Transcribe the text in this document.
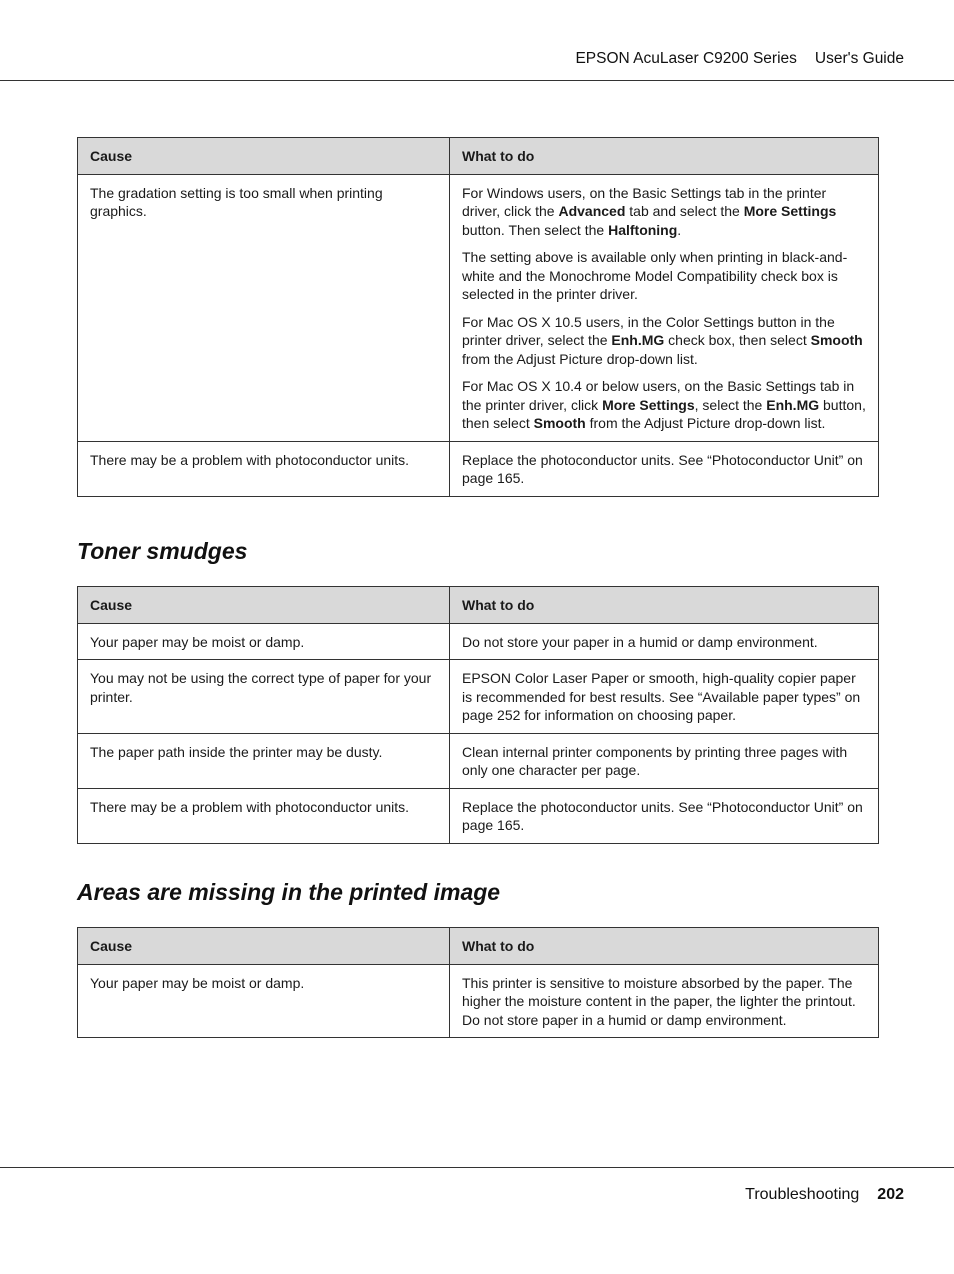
EPSON AcuLaser C9200 Series User's Guide
Cause	What to do
The gradation setting is too small when printing graphics.	For Windows users, on the Basic Settings tab in the printer driver, click the Advanced tab and select the More Settings button. Then select the Halftoning.

The setting above is available only when printing in black-and-white and the Monochrome Model Compatibility check box is selected in the printer driver.

For Mac OS X 10.5 users, in the Color Settings button in the printer driver, select the Enh.MG check box, then select Smooth from the Adjust Picture drop-down list.

For Mac OS X 10.4 or below users, on the Basic Settings tab in the printer driver, click More Settings, select the Enh.MG button, then select Smooth from the Adjust Picture drop-down list.

There may be a problem with photoconductor units.	Replace the photoconductor units. See “Photoconductor Unit” on page 165.
Toner smudges
Cause	What to do
Your paper may be moist or damp.	Do not store your paper in a humid or damp environment.
You may not be using the correct type of paper for your printer.	EPSON Color Laser Paper or smooth, high-quality copier paper is recommended for best results. See “Available paper types” on page 252 for information on choosing paper.
The paper path inside the printer may be dusty.	Clean internal printer components by printing three pages with only one character per page.
There may be a problem with photoconductor units.	Replace the photoconductor units. See “Photoconductor Unit” on page 165.
Areas are missing in the printed image
Cause	What to do
Your paper may be moist or damp.	This printer is sensitive to moisture absorbed by the paper. The higher the moisture content in the paper, the lighter the printout. Do not store paper in a humid or damp environment.
Troubleshooting 202
